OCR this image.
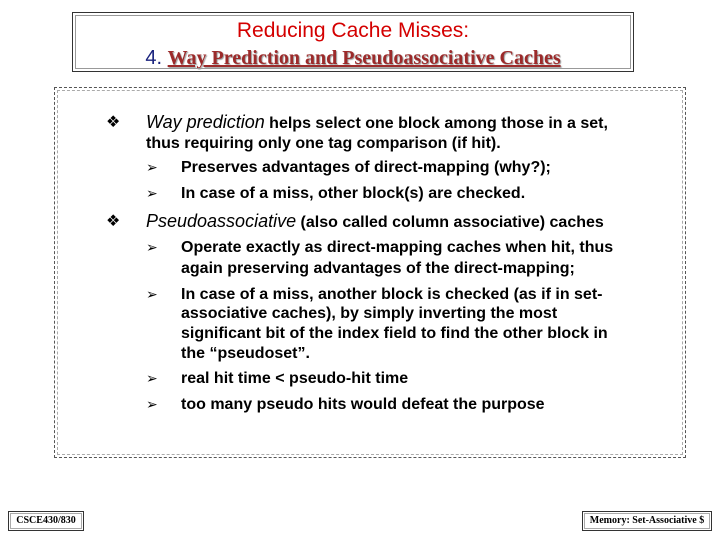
Reducing Cache Misses:
4. Way Prediction and Pseudoassociative Caches
❖ Way prediction helps select one block among those in a set,
thus requiring only one tag comparison (if hit).
➢ Preserves advantages of direct-mapping (why?);
➢ In case of a miss, other block(s) are checked.
❖ Pseudoassociative (also called column associative) caches
➢ Operate exactly as direct-mapping caches when hit, thus
again preserving advantages of the direct-mapping;
➢ In case of a miss, another block is checked (as if in set-
associative caches), by simply inverting the most
significant bit of the index field to find the other block in
the “pseudoset”.
➢ real hit time < pseudo-hit time
➢ too many pseudo hits would defeat the purpose
CSCE430/830	Memory: Set-Associative $
